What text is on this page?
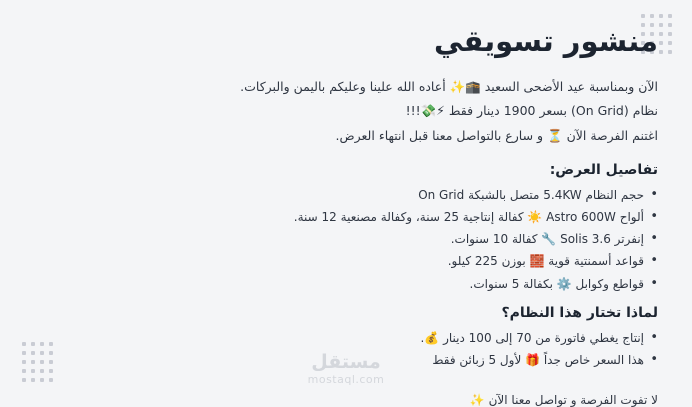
منشور تسويقي
الآن وبمناسبة عيد الأضحى السعيد 🕋✨ أعاده الله علينا وعليكم باليمن والبركات.
نظام (On Grid) بسعر 1900 دينار فقط ⚡💸!!!
اغتنم الفرصة الآن ⏳ و سارع بالتواصل معنا قبل انتهاء العرض.
تفاصيل العرض:
• حجم النظام 5.4KW متصل بالشبكة On Grid
• ألواح Astro 600W ☀️ كفالة إنتاجية 25 سنة، وكفالة مصنعية 12 سنة.
• إنفرتر Solis 3.6 🔧 كفالة 10 سنوات.
• قواعد أسمنتية قوية 🧱 بوزن 225 كيلو.
• قواطع وكوابل ⚙️ بكفالة 5 سنوات.
لماذا تختار هذا النظام؟
• إنتاج يغطي فاتورة من 70 إلى 100 دينار 💰.
• هذا السعر خاص جداً 🎁 لأول 5 زبائن فقط
لا تفوت الفرصة و تواصل معنا الآن ✨
مستقل
mostaql.com
